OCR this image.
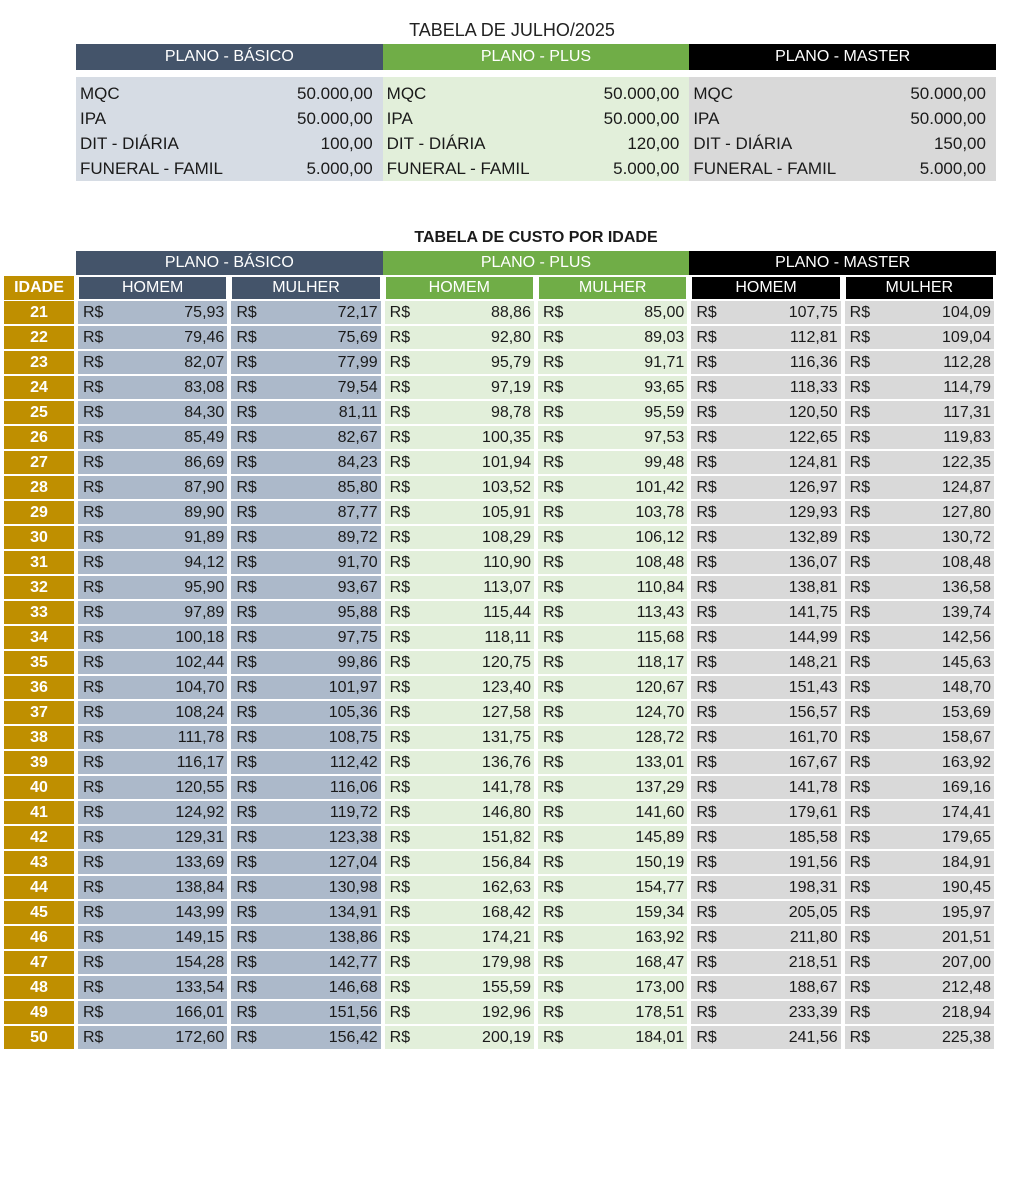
TABELA DE JULHO/2025
PLANO - BÁSICO	PLANO - PLUS	PLANO - MASTER
MQC	50.000,00
IPA	50.000,00
DIT - DIÁRIA	100,00
FUNERAL - FAMIL	5.000,00
MQC	50.000,00
IPA	50.000,00
DIT - DIÁRIA	120,00
FUNERAL - FAMIL	5.000,00
MQC	50.000,00
IPA	50.000,00
DIT - DIÁRIA	150,00
FUNERAL - FAMIL	5.000,00
TABELA DE CUSTO POR IDADE
PLANO - BÁSICO	PLANO - PLUS	PLANO - MASTER
IDADE	HOMEM	MULHER	HOMEM	MULHER	HOMEM	MULHER
21	R$	75,93 R$	72,17 R$	88,86 R$	85,00 R$	107,75 R$	104,09
22	R$	79,46 R$	75,69 R$	92,80 R$	89,03 R$	112,81 R$	109,04
23	R$	82,07 R$	77,99 R$	95,79 R$	91,71 R$	116,36 R$	112,28
24	R$	83,08 R$	79,54 R$	97,19 R$	93,65 R$	118,33 R$	114,79
25	R$	84,30 R$	81,11 R$	98,78 R$	95,59 R$	120,50 R$	117,31
26	R$	85,49 R$	82,67 R$	100,35 R$	97,53 R$	122,65 R$	119,83
27	R$	86,69 R$	84,23 R$	101,94 R$	99,48 R$	124,81 R$	122,35
28	R$	87,90 R$	85,80 R$	103,52 R$	101,42 R$	126,97 R$	124,87
29	R$	89,90 R$	87,77 R$	105,91 R$	103,78 R$	129,93 R$	127,80
30	R$	91,89 R$	89,72 R$	108,29 R$	106,12 R$	132,89 R$	130,72
31	R$	94,12 R$	91,70 R$	110,90 R$	108,48 R$	136,07 R$	108,48
32	R$	95,90 R$	93,67 R$	113,07 R$	110,84 R$	138,81 R$	136,58
33	R$	97,89 R$	95,88 R$	115,44 R$	113,43 R$	141,75 R$	139,74
34	R$	100,18 R$	97,75 R$	118,11 R$	115,68 R$	144,99 R$	142,56
35	R$	102,44 R$	99,86 R$	120,75 R$	118,17 R$	148,21 R$	145,63
36	R$	104,70 R$	101,97 R$	123,40 R$	120,67 R$	151,43 R$	148,70
37	R$	108,24 R$	105,36 R$	127,58 R$	124,70 R$	156,57 R$	153,69
38	R$	111,78 R$	108,75 R$	131,75 R$	128,72 R$	161,70 R$	158,67
39	R$	116,17 R$	112,42 R$	136,76 R$	133,01 R$	167,67 R$	163,92
40	R$	120,55 R$	116,06 R$	141,78 R$	137,29 R$	141,78 R$	169,16
41	R$	124,92 R$	119,72 R$	146,80 R$	141,60 R$	179,61 R$	174,41
42	R$	129,31 R$	123,38 R$	151,82 R$	145,89 R$	185,58 R$	179,65
43	R$	133,69 R$	127,04 R$	156,84 R$	150,19 R$	191,56 R$	184,91
44	R$	138,84 R$	130,98 R$	162,63 R$	154,77 R$	198,31 R$	190,45
45	R$	143,99 R$	134,91 R$	168,42 R$	159,34 R$	205,05 R$	195,97
46	R$	149,15 R$	138,86 R$	174,21 R$	163,92 R$	211,80 R$	201,51
47	R$	154,28 R$	142,77 R$	179,98 R$	168,47 R$	218,51 R$	207,00
48	R$	133,54 R$	146,68 R$	155,59 R$	173,00 R$	188,67 R$	212,48
49	R$	166,01 R$	151,56 R$	192,96 R$	178,51 R$	233,39 R$	218,94
50	R$	172,60 R$	156,42 R$	200,19 R$	184,01 R$	241,56 R$	225,38
